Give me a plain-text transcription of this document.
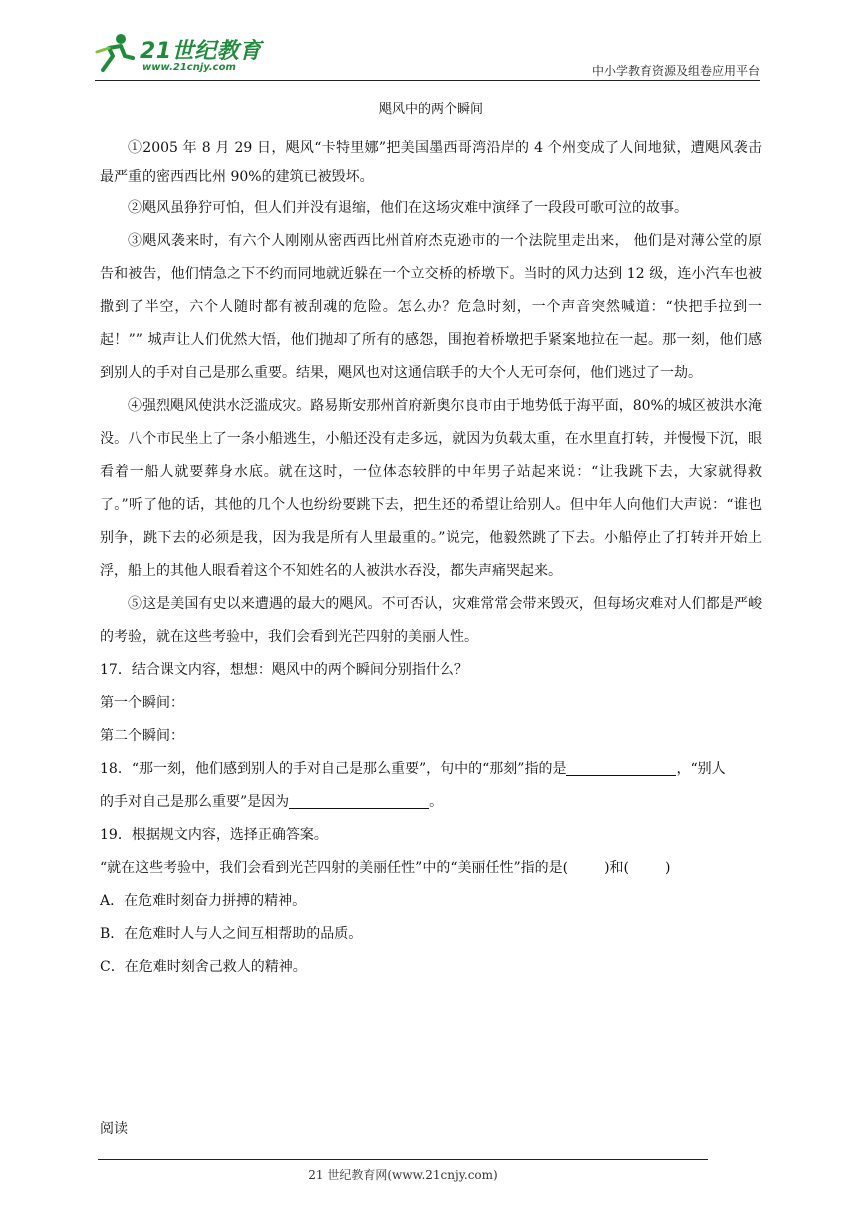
21世纪教育
www.21cnjy.com	中小学教育资源及组卷应用平台
飓风中的两个瞬间

①2005 年 8 月 29 日，飓风“卡特里娜”把美国墨西哥湾沿岸的 4 个州变成了人间地狱，遭飓风袭击最严重的密西西比州 90%的建筑已被毁坏。

②飓风虽狰狞可怕，但人们并没有退缩，他们在这场灾难中演绎了一段段可歌可泣的故事。

③飓风袭来时，有六个人刚刚从密西西比州首府杰克逊市的一个法院里走出来， 他们是对薄公堂的原告和被告，他们情急之下不约而同地就近躲在一个立交桥的桥墩下。当时的风力达到 12 级，连小汽车也被撒到了半空，六个人随时都有被刮魂的危险。怎么办？危急时刻，一个声音突然喊道：“快把手拉到一起！”” 城声让人们优然大悟，他们抛却了所有的感怨，围抱着桥墩把手紧案地拉在一起。那一刻，他们感到别人的手对自己是那么重要。结果，飓风也对这通信联手的大个人无可奈何，他们逃过了一劫。

④强烈飓风使洪水泛滥成灾。路易斯安那州首府新奥尔良市由于地势低于海平面，80%的城区被洪水淹没。八个市民坐上了一条小船逃生，小船还没有走多远，就因为负载太重，在水里直打转，并慢慢下沉，眼看着一船人就要葬身水底。就在这时，一位体态较胖的中年男子站起来说：“让我跳下去，大家就得救了。”听了他的话，其他的几个人也纷纷要跳下去，把生还的希望让给别人。但中年人向他们大声说：“谁也别争，跳下去的必须是我，因为我是所有人里最重的。”说完，他毅然跳了下去。小船停止了打转并开始上浮，船上的其他人眼看着这个不知姓名的人被洪水吞没，都失声痛哭起来。

⑤这是美国有史以来遭遇的最大的飓风。不可否认，灾难常常会带来毁灭，但每场灾难对人们都是严峻的考验，就在这些考验中，我们会看到光芒四射的美丽人性。

17．结合课文内容，想想：飓风中的两个瞬间分别指什么？

第一个瞬间：

第二个瞬间：

18．“那一刻，他们感到别人的手对自己是那么重要”，句中的“那刻”指的是	，“别人
的手对自己是那么重要”是因为	。

19．根据规文内容，选择正确答案。

“就在这些考验中，我们会看到光芒四射的美丽任性”中的“美丽任性”指的是(	)和(	)

A．在危难时刻奋力拼搏的精神。

B．在危难时人与人之间互相帮助的品质。

C．在危难时刻舍己救人的精神。

阅读
21 世纪教育网(www.21cnjy.com)
